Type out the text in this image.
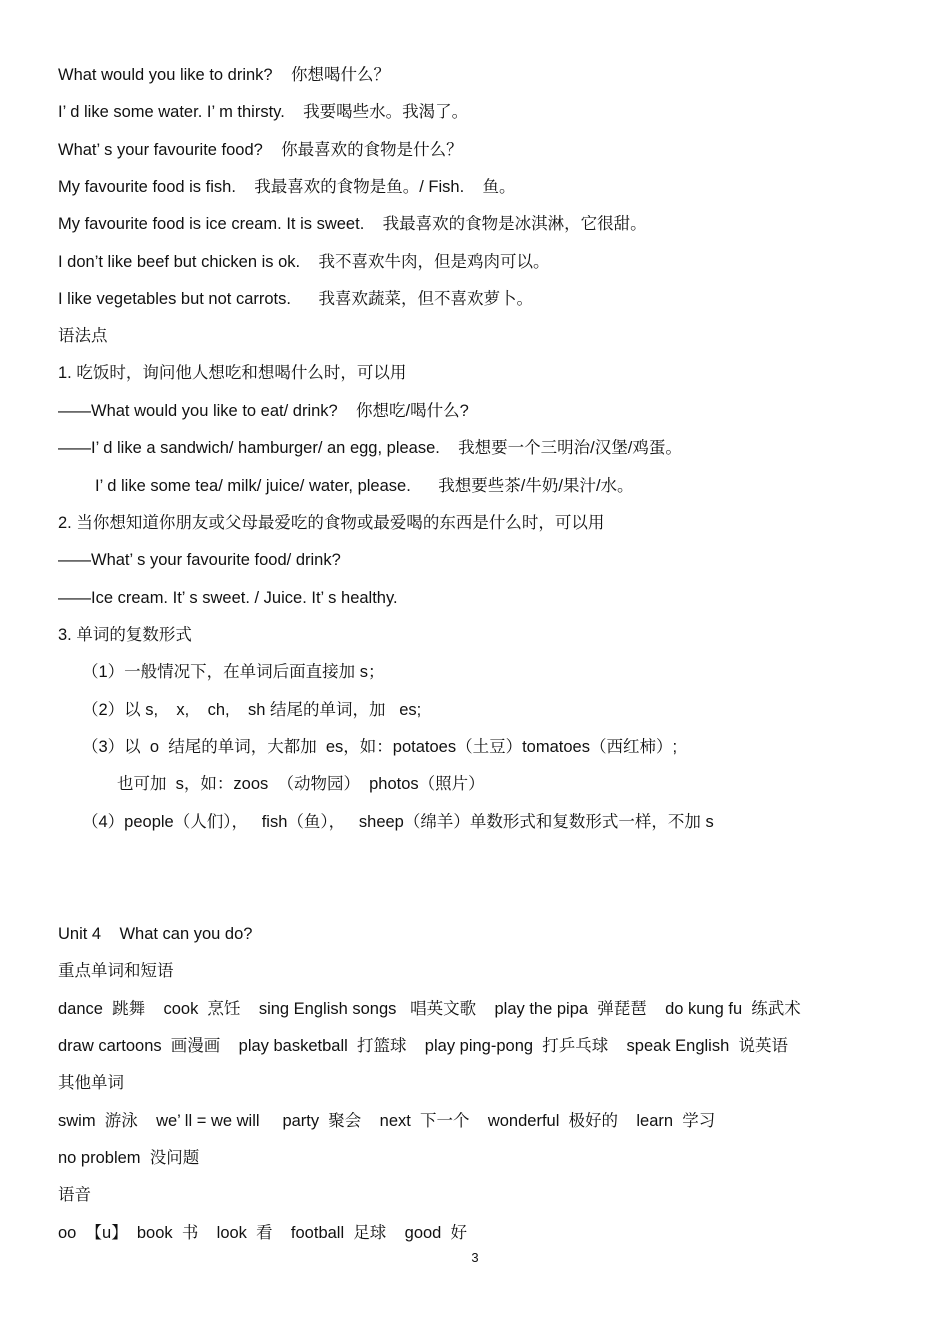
What would you like to drink?    你想喝什么？
I’ d like some water. I’ m thirsty.    我要喝些水。我渴了。
What’ s your favourite food?    你最喜欢的食物是什么？
My favourite food is fish.    我最喜欢的食物是鱼。/ Fish.    鱼。
My favourite food is ice cream. It is sweet.    我最喜欢的食物是冰淇淋，它很甜。
I don’t like beef but chicken is ok.    我不喜欢牛肉，但是鸡肉可以。
I like vegetables but not carrots.      我喜欢蔬菜，但不喜欢萝卜。
语法点
1. 吃饭时，询问他人想吃和想喝什么时，可以用
——What would you like to eat/ drink?    你想吃/喝什么?
——I’ d like a sandwich/ hamburger/ an egg, please.    我想要一个三明治/汉堡/鸡蛋。
I’ d like some tea/ milk/ juice/ water, please.      我想要些茶/牛奶/果汁/水。
2. 当你想知道你朋友或父母最爱吃的食物或最爱喝的东西是什么时，可以用
——What’ s your favourite food/ drink?
——Ice cream. It’ s sweet. / Juice. It’ s healthy.
3. 单词的复数形式
（1）一般情况下，在单词后面直接加 s；
（2）以 s,    x,    ch,    sh 结尾的单词，加   es;
（3）以  o  结尾的单词，大都加  es，如：potatoes（土豆）tomatoes（西红柿）;
也可加  s，如：zoos  （动物园）  photos（照片）
（4）people（人们），   fish（鱼），   sheep（绵羊）单数形式和复数形式一样，不加 s
Unit 4    What can you do?
重点单词和短语
dance  跳舞    cook  烹饪    sing English songs   唱英文歌    play the pipa  弹琵琶    do kung fu  练武术
draw cartoons  画漫画    play basketball  打篮球    play ping-pong  打乒乓球    speak English  说英语
其他单词
swim  游泳    we’ ll = we will     party  聚会    next  下一个    wonderful  极好的    learn  学习
no problem  没问题
语音
oo  【u】  book  书    look  看    football  足球    good  好
3
